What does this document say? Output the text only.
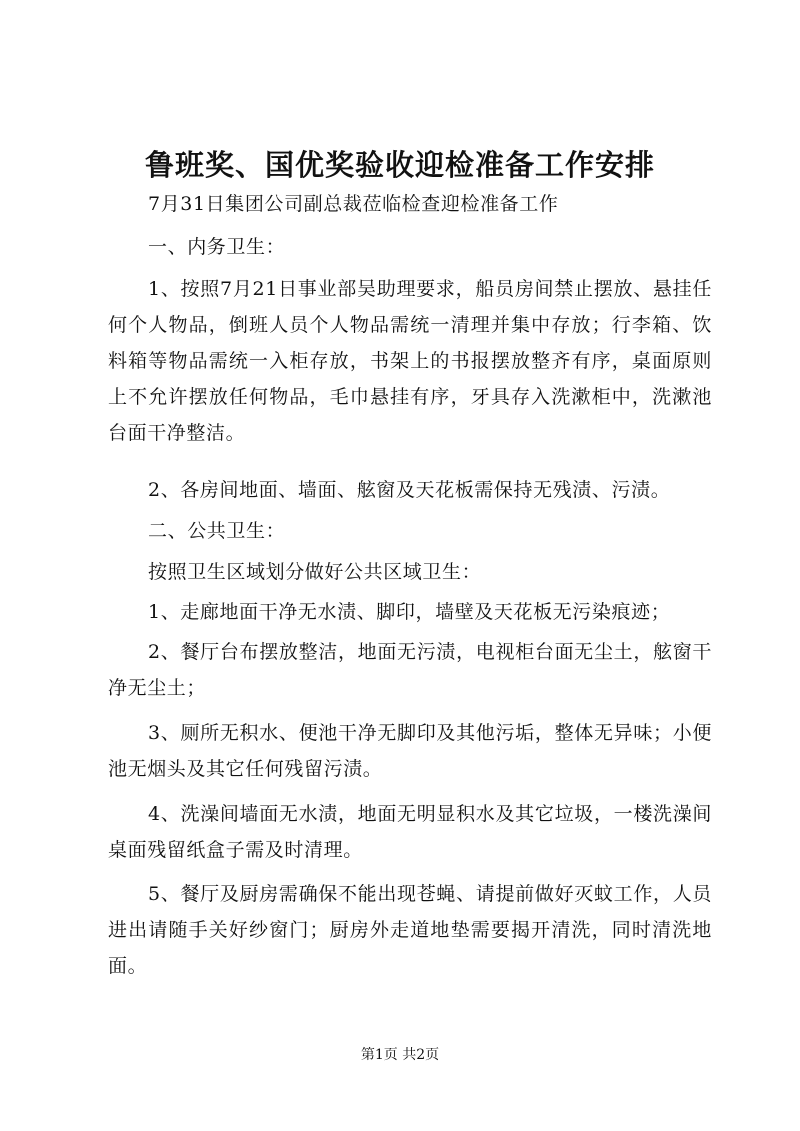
鲁班奖、国优奖验收迎检准备工作安排

7月31日集团公司副总裁莅临检查迎检准备工作

一、内务卫生：

1、按照7月21日事业部吴助理要求，船员房间禁止摆放、悬挂任何个人物品，倒班人员个人物品需统一清理并集中存放；行李箱、饮料箱等物品需统一入柜存放，书架上的书报摆放整齐有序，桌面原则上不允许摆放任何物品，毛巾悬挂有序，牙具存入洗漱柜中，洗漱池台面干净整洁。

2、各房间地面、墙面、舷窗及天花板需保持无残渍、污渍。

二、公共卫生：

按照卫生区域划分做好公共区域卫生：

1、走廊地面干净无水渍、脚印，墙壁及天花板无污染痕迹；

2、餐厅台布摆放整洁，地面无污渍，电视柜台面无尘土，舷窗干净无尘土；

3、厕所无积水、便池干净无脚印及其他污垢，整体无异味；小便池无烟头及其它任何残留污渍。

4、洗澡间墙面无水渍，地面无明显积水及其它垃圾，一楼洗澡间桌面残留纸盒子需及时清理。

5、餐厅及厨房需确保不能出现苍蝇、请提前做好灭蚊工作，人员进出请随手关好纱窗门；厨房外走道地垫需要揭开清洗，同时清洗地面。

第1页 共2页
